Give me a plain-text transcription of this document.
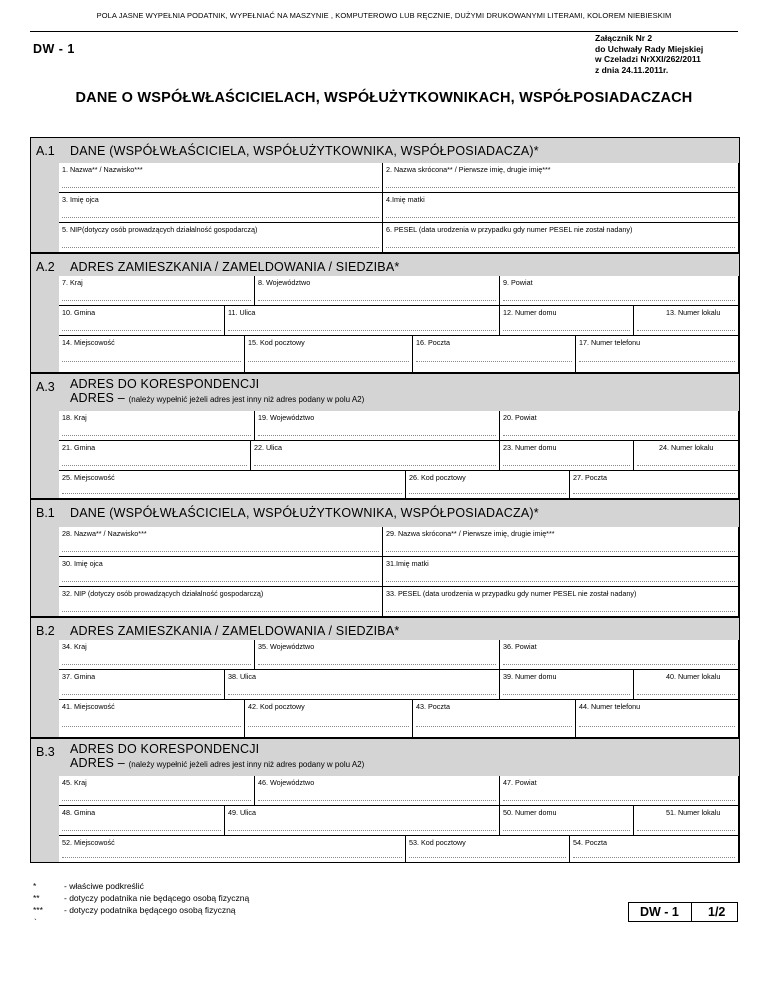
POLA JASNE WYPEŁNIA PODATNIK, WYPEŁNIAĆ NA MASZYNIE , KOMPUTEROWO LUB RĘCZNIE, DUŻYMI DRUKOWANYMI LITERAMI, KOLOREM NIEBIESKIM
DW - 1
Załącznik Nr 2
do Uchwały Rady Miejskiej
w Czeladzi NrXXI/262/2011
z dnia 24.11.2011r.
DANE O WSPÓŁWŁAŚCICIELACH, WSPÓŁUŻYTKOWNIKACH, WSPÓŁPOSIADACZACH
A.1 DANE (WSPÓŁWŁAŚCICIELA, WSPÓŁUŻYTKOWNIKA, WSPÓŁPOSIADACZA)*
1. Nazwa** / Nazwisko***	2. Nazwa skrócona** / Pierwsze imię, drugie imię***
3. Imię ojca	4.Imię matki
5. NIP(dotyczy osób prowadzących działalność gospodarczą)	6. PESEL (data urodzenia w przypadku gdy numer PESEL nie został nadany)
A.2 ADRES ZAMIESZKANIA / ZAMELDOWANIA / SIEDZIBA*
7. Kraj	8. Województwo	9. Powiat
10. Gmina	11. Ulica	12. Numer domu	13. Numer lokalu
14. Miejscowość	15. Kod pocztowy	16. Poczta	17. Numer telefonu
A.3 ADRES DO KORESPONDENCJI
ADRES – (należy wypełnić jeżeli adres jest inny niż adres podany w polu A2)
18. Kraj	19. Województwo	20. Powiat
21. Gmina	22. Ulica	23. Numer domu	24. Numer lokalu
25. Miejscowość	26. Kod pocztowy	27. Poczta
B.1 DANE (WSPÓŁWŁAŚCICIELA, WSPÓŁUŻYTKOWNIKA, WSPÓŁPOSIADACZA)*
28. Nazwa** / Nazwisko***	29. Nazwa skrócona** / Pierwsze imię, drugie imię***
30. Imię ojca	31.Imię matki
32. NIP (dotyczy osób prowadzących działalność gospodarczą)	33. PESEL (data urodzenia w przypadku gdy numer PESEL nie został nadany)
B.2 ADRES ZAMIESZKANIA / ZAMELDOWANIA / SIEDZIBA*
34. Kraj	35. Województwo	36. Powiat
37. Gmina	38. Ulica	39. Numer domu	40. Numer lokalu
41. Miejscowość	42. Kod pocztowy	43. Poczta	44. Numer telefonu
B.3 ADRES DO KORESPONDENCJI
ADRES – (należy wypełnić jeżeli adres jest inny niż adres podany w polu A2)
45. Kraj	46. Województwo	47. Powiat
48. Gmina	49. Ulica	50. Numer domu	51. Numer lokalu
52. Miejscowość	53. Kod pocztowy	54. Poczta
*	- właściwe podkreślić
**	- dotyczy podatnika nie będącego osobą fizyczną
*** - dotyczy podatnika będącego osobą fizyczną
`
DW - 1 1/2
